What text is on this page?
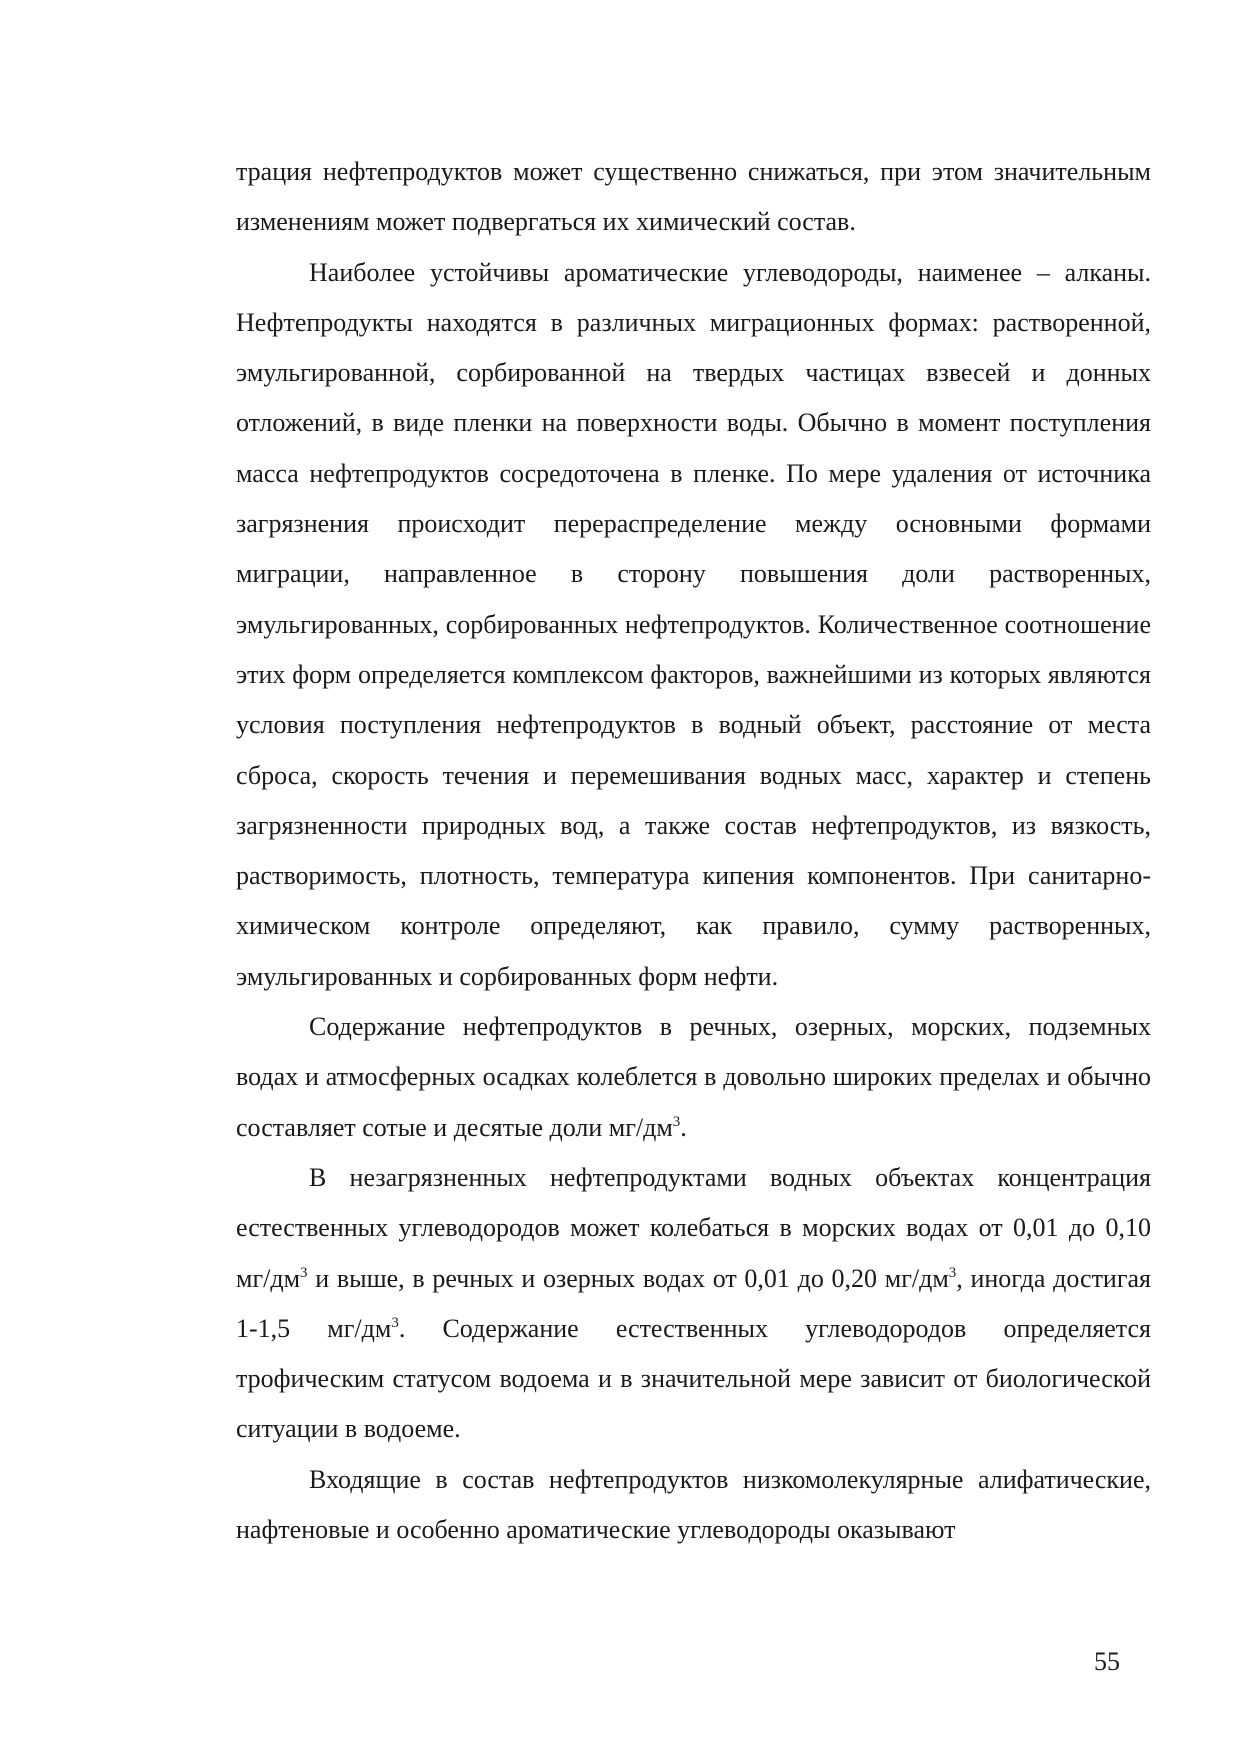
трация нефтепродуктов может существенно снижаться, при этом значительным изменениям может подвергаться их химический состав.

Наиболее устойчивы ароматические углеводороды, наименее – алканы. Нефтепродукты находятся в различных миграционных формах: растворенной, эмульгированной, сорбированной на твердых частицах взвесей и донных отложений, в виде пленки на поверхности воды. Обычно в момент поступления масса нефтепродуктов сосредоточена в пленке. По мере удаления от источника загрязнения происходит перераспределение между основными формами миграции, направленное в сторону повышения доли растворенных, эмульгированных, сорбированных нефтепродуктов. Количественное соотношение этих форм определяется комплексом факторов, важнейшими из которых являются условия поступления нефтепродуктов в водный объект, расстояние от места сброса, скорость течения и перемешивания водных масс, характер и степень загрязненности природных вод, а также состав нефтепродуктов, из вязкость, растворимость, плотность, температура кипения компонентов. При санитарно-химическом контроле определяют, как правило, сумму растворенных, эмульгированных и сорбированных форм нефти.

Содержание нефтепродуктов в речных, озерных, морских, подземных водах и атмосферных осадках колеблется в довольно широких пределах и обычно составляет сотые и десятые доли $мг/дм^3$.

В незагрязненных нефтепродуктами водных объектах концентрация естественных углеводородов может колебаться в морских водах от 0,01 до 0,10 $мг/дм^3$ и выше, в речных и озерных водах от 0,01 до 0,20 $мг/дм^3$, иногда достигая 1-1,5 $мг/дм^3$. Содержание естественных углеводородов определяется трофическим статусом водоема и в значительной мере зависит от биологической ситуации в водоеме.

Входящие в состав нефтепродуктов низкомолекулярные алифатические, нафтеновые и особенно ароматические углеводороды оказывают

55
